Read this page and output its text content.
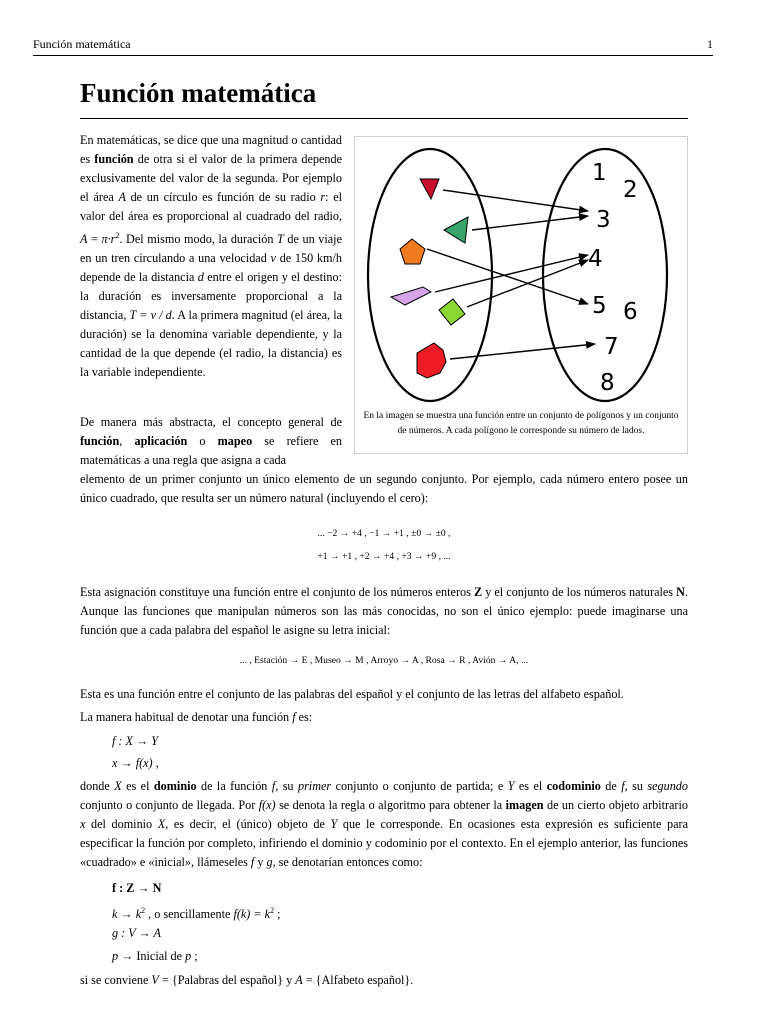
Función matemática	1
Función matemática

En matemáticas, se dice que una magnitud o cantidad es función de otra si el valor de la primera depende exclusivamente del valor de la segunda. Por ejemplo el área A de un círculo es función de su radio r: el valor del área es proporcional al cuadrado del radio, $A = \pi\cdot r^2$. Del mismo modo, la duración T de un viaje en un tren circulando a una velocidad v de 150 km/h depende de la distancia d entre el origen y el destino: la duración es inversamente proporcional a la distancia, T = v / d. A la primera magnitud (el área, la duración) se la denomina variable dependiente, y la cantidad de la que depende (el radio, la distancia) es la variable independiente.

1
2
3
4
5 6
7
8
En la imagen se muestra una función entre un conjunto de polígonos y un conjunto de números. A cada polígono le corresponde su número de lados.

De manera más abstracta, el concepto general de función, aplicación o mapeo se refiere en matemáticas a una regla que asigna a cada

elemento de un primer conjunto un único elemento de un segundo conjunto. Por ejemplo, cada número entero posee un único cuadrado, que resulta ser un número natural (incluyendo el cero):

... −2 → +4 , −1 → +1 , ±0 → ±0 ,
+1 → +1 , +2 → +4 , +3 → +9 , ...

Esta asignación constituye una función entre el conjunto de los números enteros Z y el conjunto de los números naturales N. Aunque las funciones que manipulan números son las más conocidas, no son el único ejemplo: puede imaginarse una función que a cada palabra del español le asigne su letra inicial:

... , Estación → E , Museo → M , Arroyo → A , Rosa → R , Avión → A, ...

Esta es una función entre el conjunto de las palabras del español y el conjunto de las letras del alfabeto español.

La manera habitual de denotar una función f es:

f : X → Y
x → f(x) ,

donde X es el dominio de la función f, su primer conjunto o conjunto de partida; e Y es el codominio de f, su segundo conjunto o conjunto de llegada. Por f(x) se denota la regla o algoritmo para obtener la imagen de un cierto objeto arbitrario x del dominio X, es decir, el (único) objeto de Y que le corresponde. En ocasiones esta expresión es suficiente para especificar la función por completo, infiriendo el dominio y codominio por el contexto. En el ejemplo anterior, las funciones «cuadrado» e «inicial», llámeseles f y g, se denotarían entonces como:

f : Z → N
$k \to k^2$ , o sencillamente $f(k) = k^2$ ;
g : V → A
p → Inicial de p ;

si se conviene V = {Palabras del español} y A = {Alfabeto español}.
